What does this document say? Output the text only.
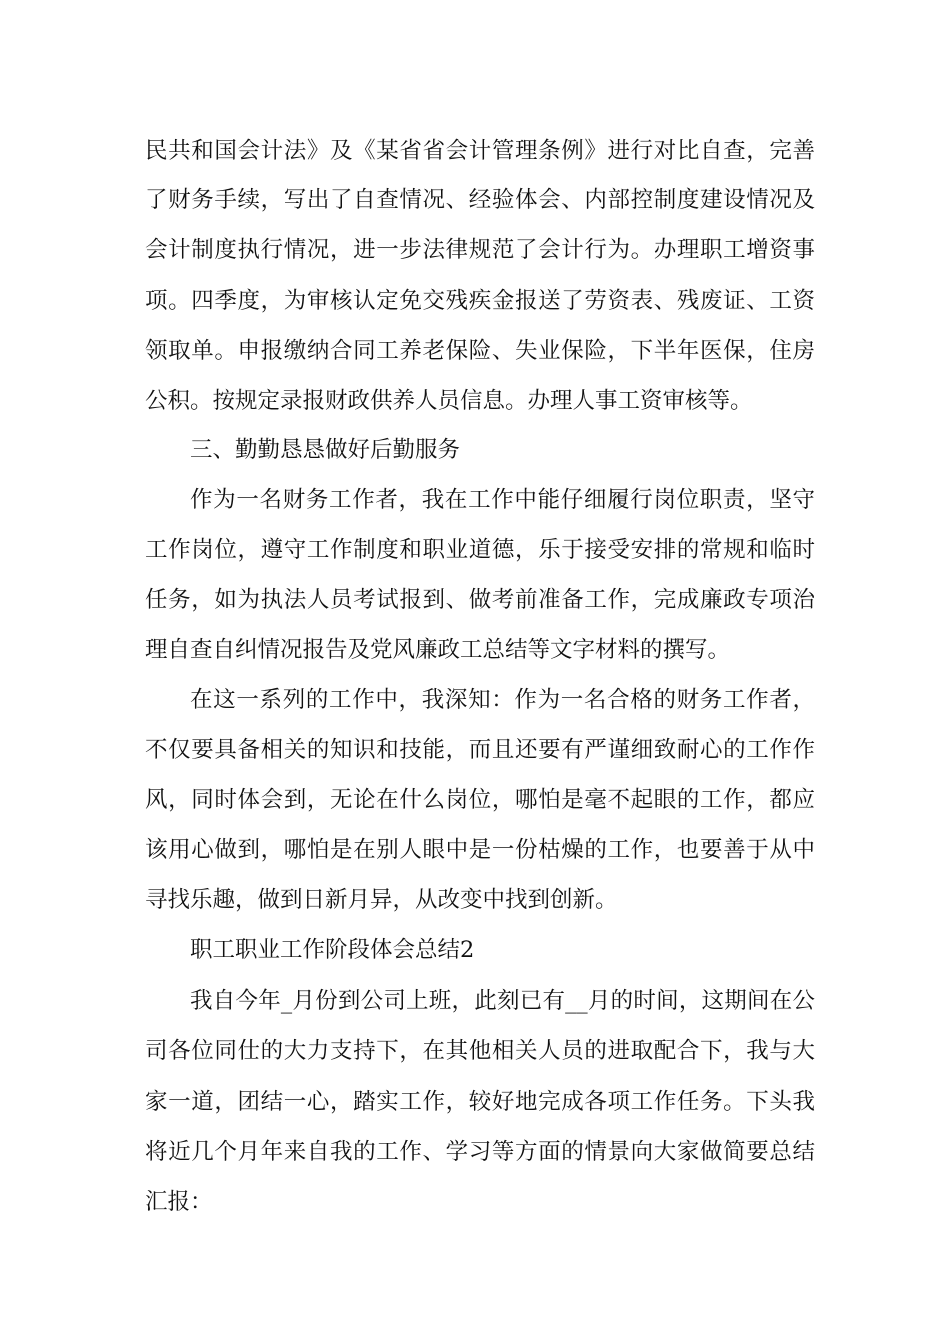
民共和国会计法》及《某省省会计管理条例》进行对比自查，完善
了财务手续，写出了自查情况、经验体会、内部控制度建设情况及
会计制度执行情况，进一步法律规范了会计行为。办理职工增资事
项。四季度，为审核认定免交残疾金报送了劳资表、残废证、工资
领取单。申报缴纳合同工养老保险、失业保险，下半年医保，住房
公积。按规定录报财政供养人员信息。办理人事工资审核等。
三、勤勤恳恳做好后勤服务
作为一名财务工作者，我在工作中能仔细履行岗位职责，坚守
工作岗位，遵守工作制度和职业道德，乐于接受安排的常规和临时
任务，如为执法人员考试报到、做考前准备工作，完成廉政专项治
理自查自纠情况报告及党风廉政工总结等文字材料的撰写。
在这一系列的工作中，我深知：作为一名合格的财务工作者，
不仅要具备相关的知识和技能，而且还要有严谨细致耐心的工作作
风，同时体会到，无论在什么岗位，哪怕是毫不起眼的工作，都应
该用心做到，哪怕是在别人眼中是一份枯燥的工作，也要善于从中
寻找乐趣，做到日新月异，从改变中找到创新。
职工职业工作阶段体会总结2
我自今年_月份到公司上班，此刻已有__月的时间，这期间在公
司各位同仕的大力支持下，在其他相关人员的进取配合下，我与大
家一道，团结一心，踏实工作，较好地完成各项工作任务。下头我
将近几个月年来自我的工作、学习等方面的情景向大家做简要总结
汇报：
